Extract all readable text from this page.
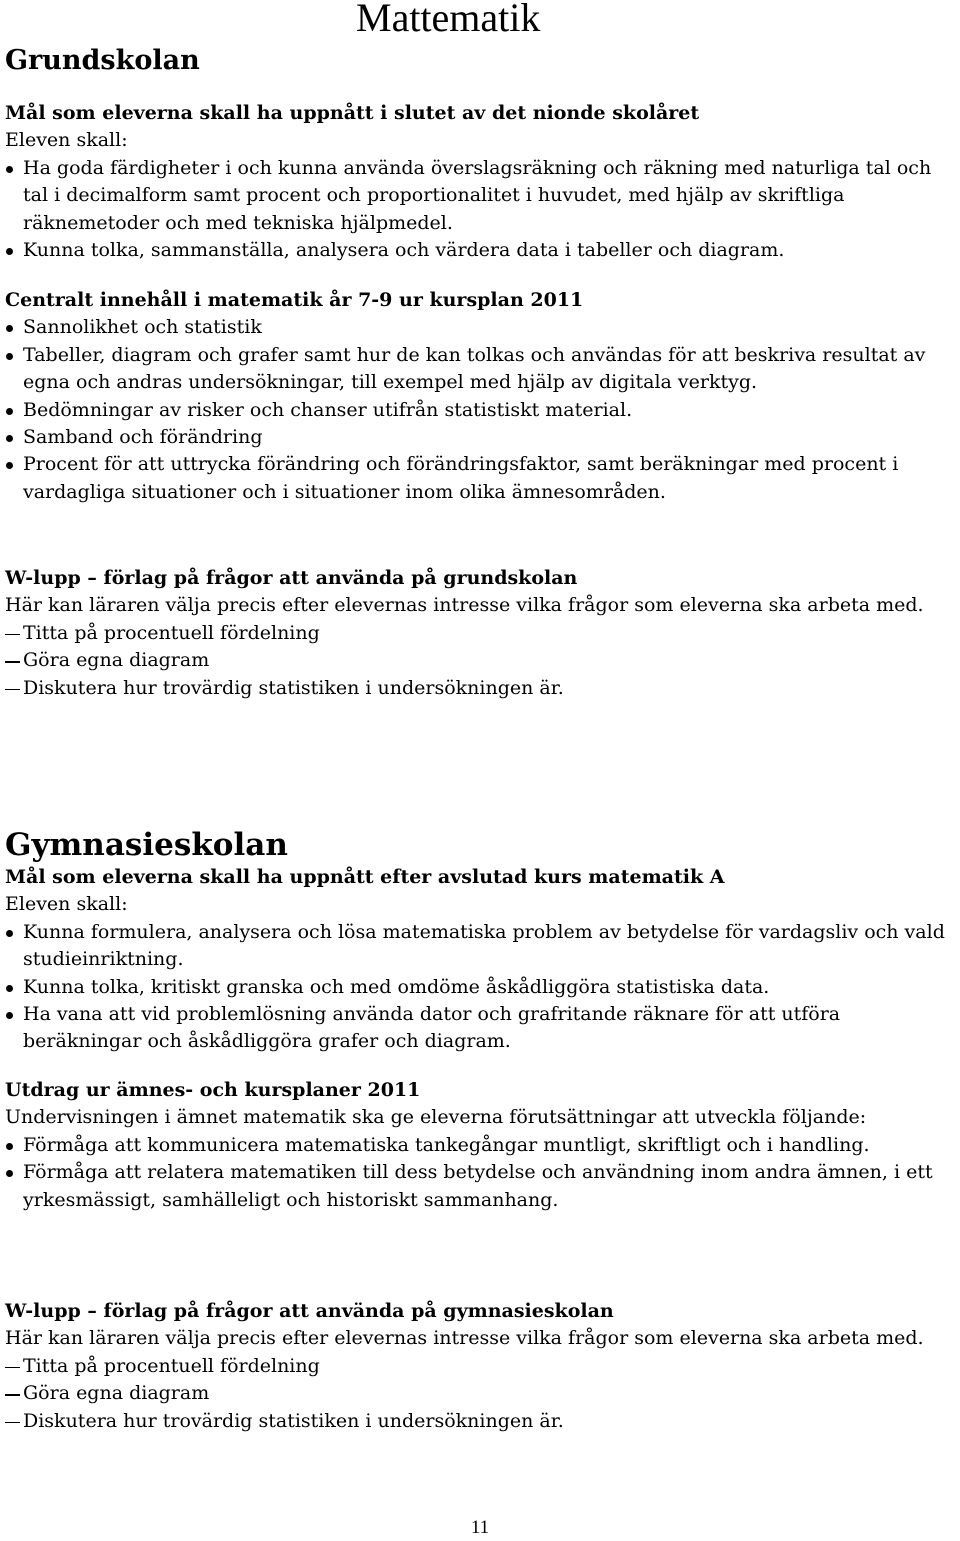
Mattematik
Grundskolan

Mål som eleverna skall ha uppnått i slutet av det nionde skolåret

Eleven skall:

Ha goda färdigheter i och kunna använda överslagsräkning och räkning med naturliga tal och tal i decimalform samt procent och proportionalitet i huvudet, med hjälp av skriftliga räknemetoder och med tekniska hjälpmedel.
Kunna tolka, sammanställa, analysera och värdera data i tabeller och diagram.

Centralt innehåll i matematik år 7-9 ur kursplan 2011

Sannolikhet och statistik
Tabeller, diagram och grafer samt hur de kan tolkas och användas för att beskriva resultat av egna och andras undersökningar, till exempel med hjälp av digitala verktyg.
Bedömningar av risker och chanser utifrån statistiskt material.
Samband och förändring
Procent för att uttrycka förändring och förändringsfaktor, samt beräkningar med procent i vardagliga situationer och i situationer inom olika ämnesområden.

W-lupp – förlag på frågor att använda på grundskolan

Här kan läraren välja precis efter elevernas intresse vilka frågor som eleverna ska arbeta med.

Titta på procentuell fördelning
Göra egna diagram
Diskutera hur trovärdig statistiken i undersökningen är.
Gymnasieskolan

Mål som eleverna skall ha uppnått efter avslutad kurs matematik A

Eleven skall:

Kunna formulera, analysera och lösa matematiska problem av betydelse för vardagsliv och vald studieinriktning.
Kunna tolka, kritiskt granska och med omdöme åskådliggöra statistiska data.
Ha vana att vid problemlösning använda dator och grafritande räknare för att utföra beräkningar och åskådliggöra grafer och diagram.

Utdrag ur ämnes- och kursplaner 2011

Undervisningen i ämnet matematik ska ge eleverna förutsättningar att utveckla följande:

Förmåga att kommunicera matematiska tankegångar muntligt, skriftligt och i handling.
Förmåga att relatera matematiken till dess betydelse och användning inom andra ämnen, i ett yrkesmässigt, samhälleligt och historiskt sammanhang.

W-lupp – förlag på frågor att använda på gymnasieskolan

Här kan läraren välja precis efter elevernas intresse vilka frågor som eleverna ska arbeta med.

Titta på procentuell fördelning
Göra egna diagram
Diskutera hur trovärdig statistiken i undersökningen är.

11
